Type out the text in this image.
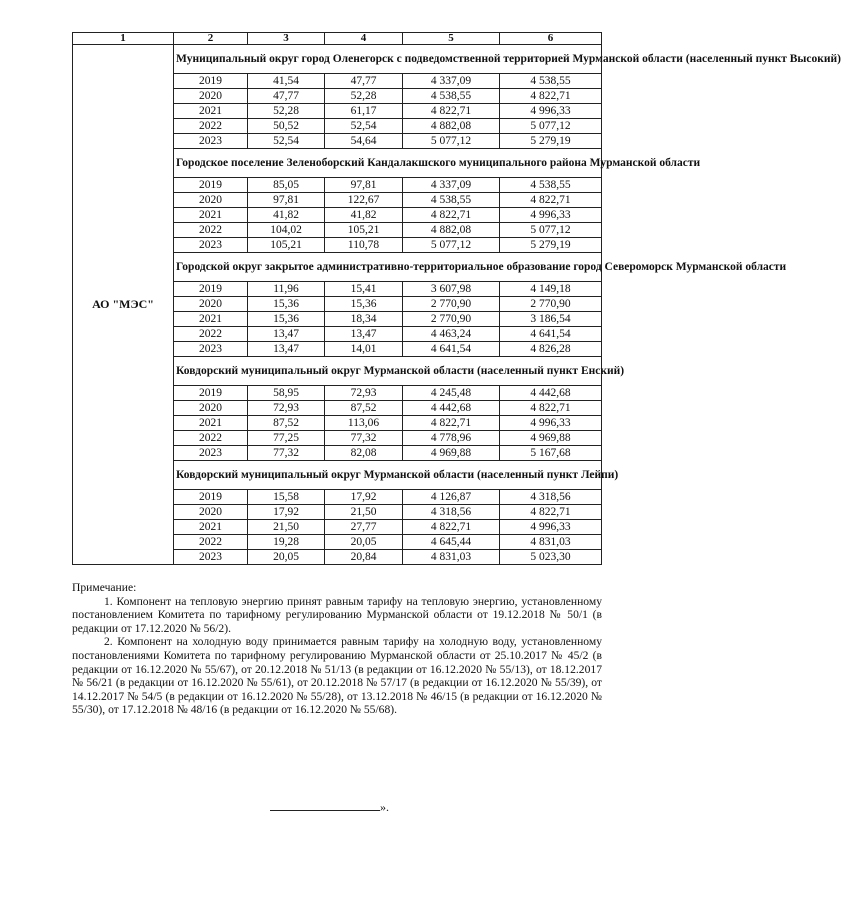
1	2	3	4	5	6
АО "МЭС"	Муниципальный округ город Оленегорск с подведомственной территорией Мурманской области (населенный пункт Высокий)				
	2019	41,54	47,77	4 337,09	4 538,55
	2020	47,77	52,28	4 538,55	4 822,71
	2021	52,28	61,17	4 822,71	4 996,33
	2022	50,52	52,54	4 882,08	5 077,12
	2023	52,54	54,64	5 077,12	5 279,19
	Городское поселение Зеленоборский Кандалакшского муниципального района Мурманской области				
	2019	85,05	97,81	4 337,09	4 538,55
	2020	97,81	122,67	4 538,55	4 822,71
	2021	41,82	41,82	4 822,71	4 996,33
	2022	104,02	105,21	4 882,08	5 077,12
	2023	105,21	110,78	5 077,12	5 279,19
	Городской округ закрытое административно-территориальное образование город Североморск Мурманской области				
	2019	11,96	15,41	3 607,98	4 149,18
	2020	15,36	15,36	2 770,90	2 770,90
	2021	15,36	18,34	2 770,90	3 186,54
	2022	13,47	13,47	4 463,24	4 641,54
	2023	13,47	14,01	4 641,54	4 826,28
	Ковдорский муниципальный округ Мурманской области (населенный пункт Енский)				
	2019	58,95	72,93	4 245,48	4 442,68
	2020	72,93	87,52	4 442,68	4 822,71
	2021	87,52	113,06	4 822,71	4 996,33
	2022	77,25	77,32	4 778,96	4 969,88
	2023	77,32	82,08	4 969,88	5 167,68
	Ковдорский муниципальный округ Мурманской области (населенный пункт Лейпи)				
	2019	15,58	17,92	4 126,87	4 318,56
	2020	17,92	21,50	4 318,56	4 822,71
	2021	21,50	27,77	4 822,71	4 996,33
	2022	19,28	20,05	4 645,44	4 831,03
	2023	20,05	20,84	4 831,03	5 023,30
Примечание:

1. Компонент на тепловую энергию принят равным тарифу на тепловую энергию, установленному постановлением Комитета по тарифному регулированию Мурманской области от 19.12.2018 № 50/1 (в редакции от 17.12.2020 № 56/2).

2. Компонент на холодную воду принимается равным тарифу на холодную воду, установленному постановлениями Комитета по тарифному регулированию Мурманской области от 25.10.2017 № 45/2 (в редакции от 16.12.2020 № 55/67), от 20.12.2018 № 51/13 (в редакции от 16.12.2020 № 55/13), от 18.12.2017 № 56/21 (в редакции от 16.12.2020 № 55/61), от 20.12.2018 № 57/17 (в редакции от 16.12.2020 № 55/39), от 14.12.2017 № 54/5 (в редакции от 16.12.2020 № 55/28), от 13.12.2018 № 46/15 (в редакции от 16.12.2020 № 55/30), от 17.12.2018 № 48/16 (в редакции от 16.12.2020 № 55/68).

».
